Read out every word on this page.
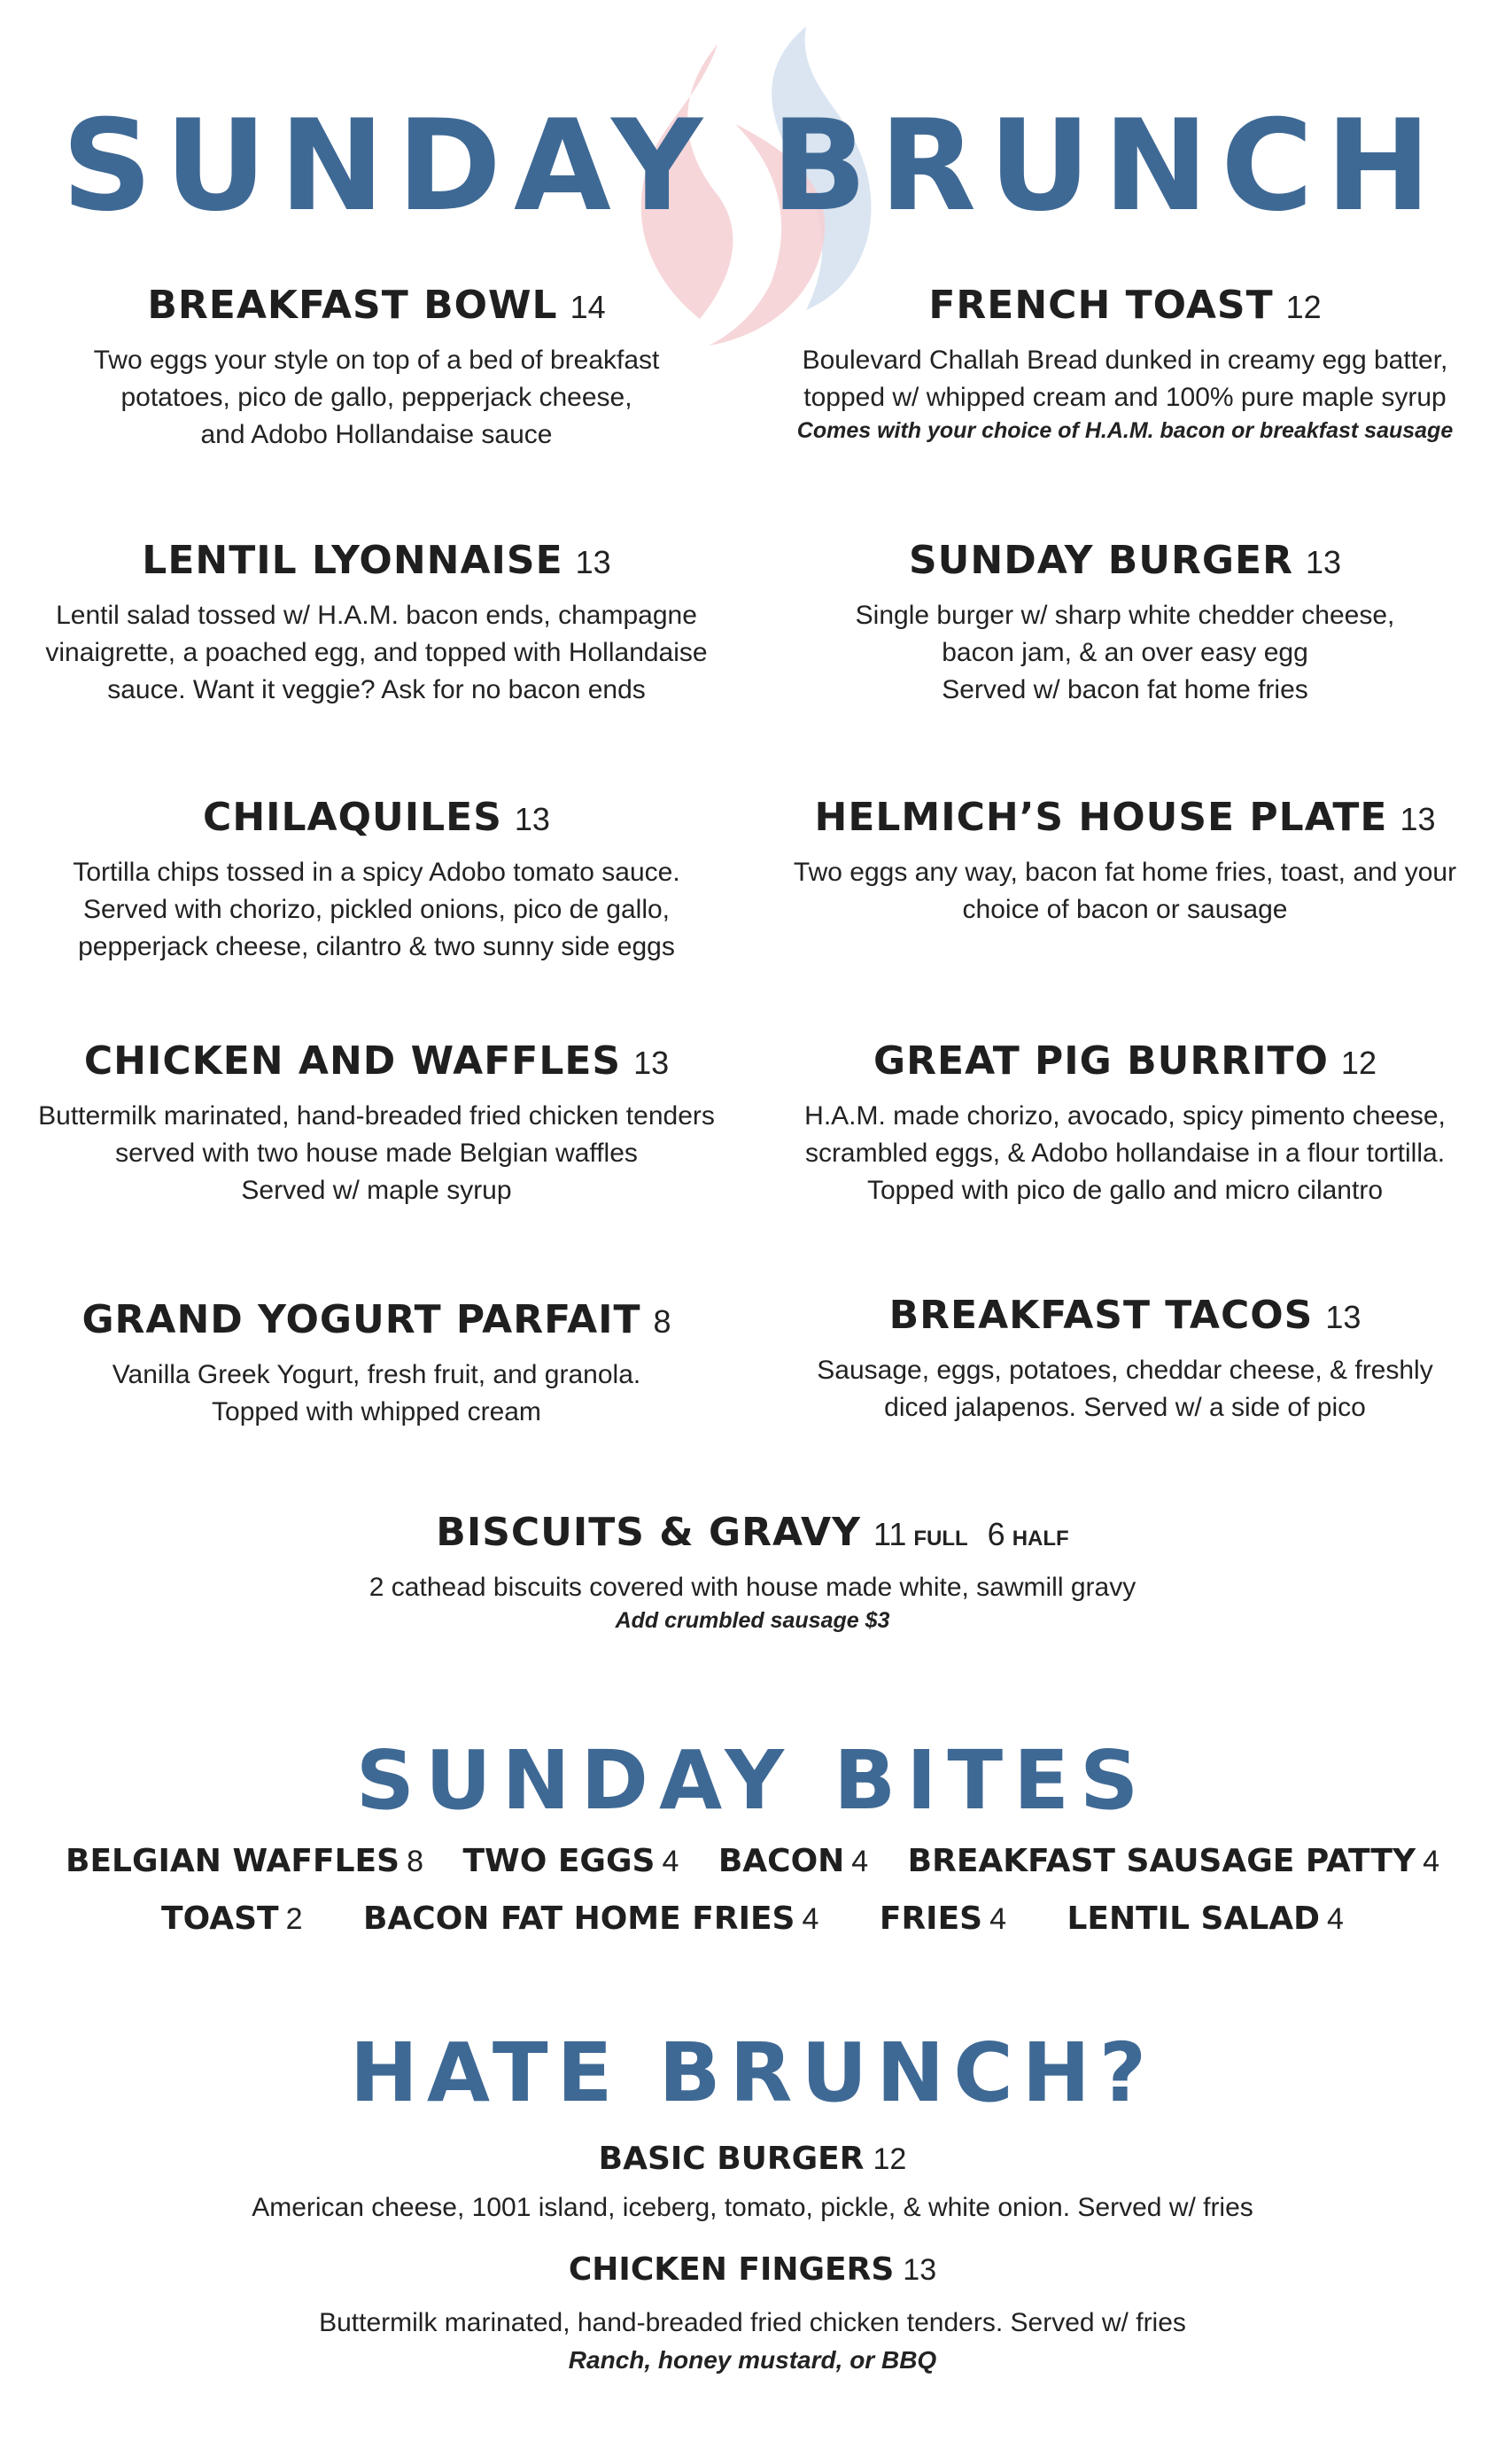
SUNDAY BRUNCH
BREAKFAST BOWL 14
Two eggs your style on top of a bed of breakfast
potatoes, pico de gallo, pepperjack cheese,
and Adobo Hollandaise sauce
FRENCH TOAST 12
Boulevard Challah Bread dunked in creamy egg batter,
topped w/ whipped cream and 100% pure maple syrup
Comes with your choice of H.A.M. bacon or breakfast sausage
LENTIL LYONNAISE 13
Lentil salad tossed w/ H.A.M. bacon ends, champagne
vinaigrette, a poached egg, and topped with Hollandaise
sauce. Want it veggie? Ask for no bacon ends
SUNDAY BURGER 13
Single burger w/ sharp white chedder cheese,
bacon jam, & an over easy egg
Served w/ bacon fat home fries
CHILAQUILES 13
Tortilla chips tossed in a spicy Adobo tomato sauce.
Served with chorizo, pickled onions, pico de gallo,
pepperjack cheese, cilantro & two sunny side eggs
HELMICH’S HOUSE PLATE 13
Two eggs any way, bacon fat home fries, toast, and your
choice of bacon or sausage
CHICKEN AND WAFFLES 13
Buttermilk marinated, hand-breaded fried chicken tenders
served with two house made Belgian waffles
Served w/ maple syrup
GREAT PIG BURRITO 12
H.A.M. made chorizo, avocado, spicy pimento cheese,
scrambled eggs, & Adobo hollandaise in a flour tortilla.
Topped with pico de gallo and micro cilantro
GRAND YOGURT PARFAIT 8
Vanilla Greek Yogurt, fresh fruit, and granola.
Topped with whipped cream
BREAKFAST TACOS 13
Sausage, eggs, potatoes, cheddar cheese, & freshly
diced jalapenos. Served w/ a side of pico
BISCUITS & GRAVY 11 FULL 6 HALF
2 cathead biscuits covered with house made white, sawmill gravy
Add crumbled sausage $3
SUNDAY BITES
BELGIAN WAFFLES 8 TWO EGGS 4 BACON 4 BREAKFAST SAUSAGE PATTY 4
TOAST 2 BACON FAT HOME FRIES 4 FRIES 4 LENTIL SALAD 4
HATE BRUNCH?
BASIC BURGER 12
American cheese, 1001 island, iceberg, tomato, pickle, & white onion. Served w/ fries
CHICKEN FINGERS 13
Buttermilk marinated, hand-breaded fried chicken tenders. Served w/ fries
Ranch, honey mustard, or BBQ
